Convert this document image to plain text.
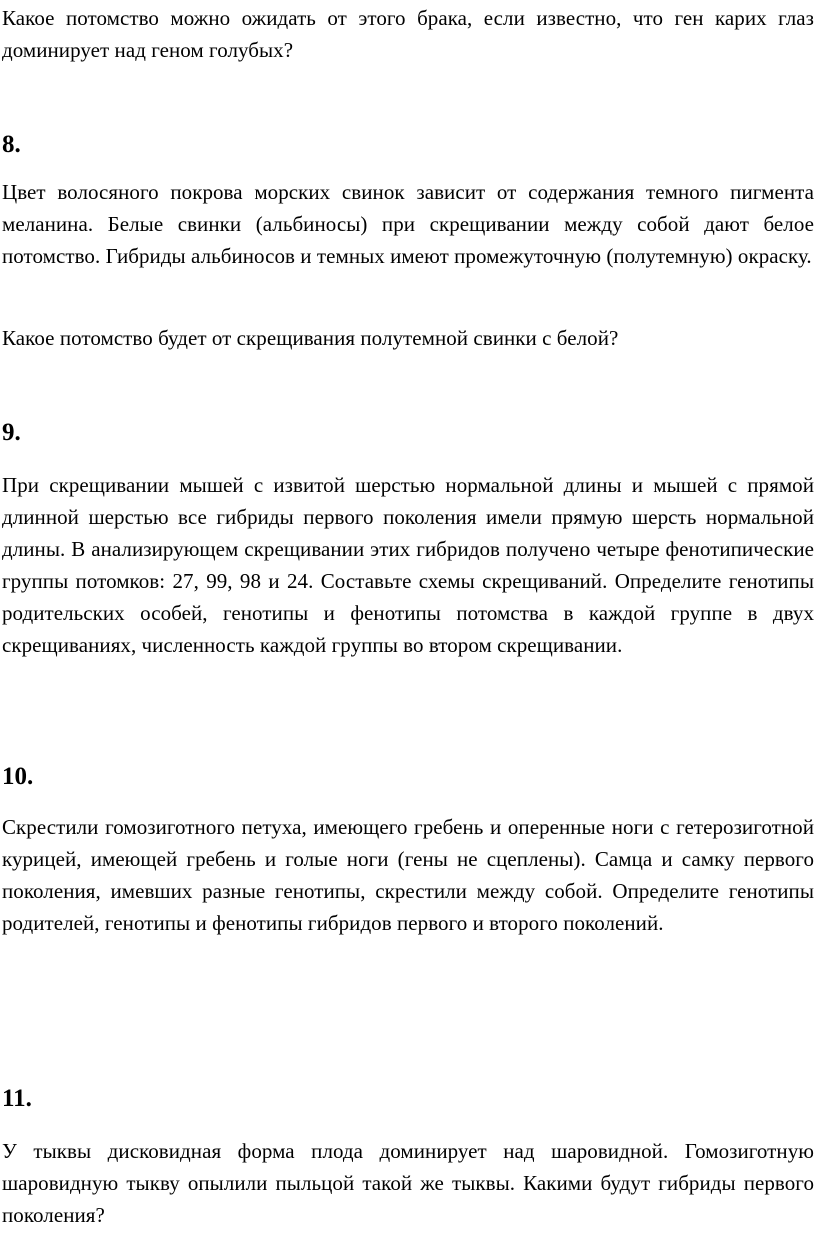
Какое потомство можно ожидать от этого брака, если известно, что ген карих глаз доминирует над геном голубых?

8.

Цвет волосяного покрова морских свинок зависит от содержания темного пигмента меланина. Белые свинки (альбиносы) при скрещивании между собой дают белое потомство. Гибриды альбиносов и темных имеют промежуточную (полутемную) окраску.

Какое потомство будет от скрещивания полутемной свинки с белой?

9.

При скрещивании мышей с извитой шерстью нормальной длины и мышей с прямой длинной шерстью все гибриды первого поколения имели прямую шерсть нормальной длины. В анализирующем скрещивании этих гибридов получено четыре фенотипические группы потомков: 27, 99, 98 и 24. Составьте схемы скрещиваний. Определите генотипы родительских особей, генотипы и фенотипы потомства в каждой группе в двух скрещиваниях, численность каждой группы во втором скрещивании.

10.

Скрестили гомозиготного петуха, имеющего гребень и оперенные ноги с гетерозиготной курицей, имеющей гребень и голые ноги (гены не сцеплены). Самца и самку первого поколения, имевших разные генотипы, скрестили между собой. Определите генотипы родителей, генотипы и фенотипы гибридов первого и второго поколений.

11.

У тыквы дисковидная форма плода доминирует над шаровидной. Гомозиготную шаровидную тыкву опылили пыльцой такой же тыквы. Какими будут гибриды первого поколения?
